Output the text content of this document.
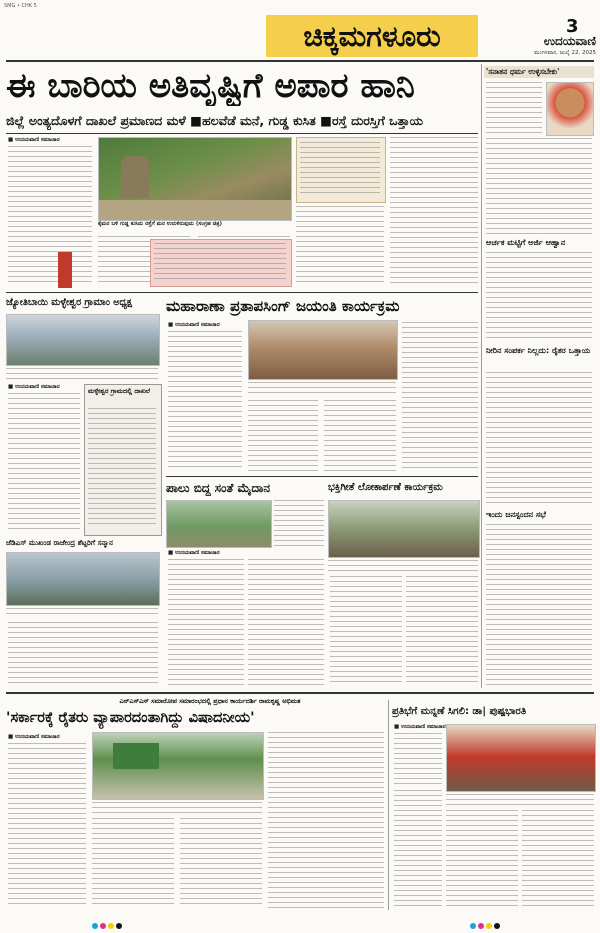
SMG • CHK 5
ಚಿಕ್ಕಮಗಳೂರು	3
ಉದಯವಾಣಿ
ಮಂಗಳವಾರ, ಜುಲೈ 22, 2025
ಈ ಬಾರಿಯ ಅತಿವೃಷ್ಟಿಗೆ ಅಪಾರ ಹಾನಿ
ಜಿಲ್ಲೆ ಅಂತ್ಯದೊಳಗೆ ದಾಖಲೆ ಪ್ರಮಾಣದ ಮಳೆ ■ಹಲವೆಡೆ ಮನೆ, ಗುಡ್ಡ ಕುಸಿತ ■ರಸ್ತೆ ದುರಸ್ತಿಗೆ ಒತ್ತಾಯ
■ ಉದಯವಾಣಿ ಸಮಾಚಾರ
ಕೈಮರ ಬಳಿ ಗುಡ್ಡ ಕುಸಿದು ರಸ್ತೆಗೆ ಮರ ಉರುಳಿರುವುದು (ಸಂಗ್ರಹ ಚಿತ್ರ)
'ಸನಾತನ ಧರ್ಮ ಉಳ್ಳಿಸಬೇಕು'
ಅರ್ಚಕ ಮಟ್ಟಿಗೆ ಅರ್ಜಿ ಆಹ್ವಾನ
ನೀರಿನ ಸಂಪರ್ಕ ನಿಲ್ಲದು: ರೈತರ ಒತ್ತಾಯ
ಇಂದು ಜನಸ್ಪಂದನ ಸಭೆ
ಜ್ಯೋತಿಬಾಯಿ ಮಳ್ಳೇಶ್ವರ ಗ್ರಾಮಾಂ ಅಧ್ಯಕ್ಷ
■ ಉದಯವಾಣಿ ಸಮಾಚಾರ	ಮಳ್ಳೇಶ್ವರ ಗ್ರಾಮದಲ್ಲಿ ದಾಖಲೆ
ಜೆಡಿಎಸ್ ಮುಖಂಡ ರಾಜೇಂದ್ರ ಶೆಟ್ಟರಿಗೆ ಸನ್ಮಾನ
ಮಹಾರಾಣಾ ಪ್ರತಾಪಸಿಂಗ್ ಜಯಂತಿ ಕಾರ್ಯಕ್ರಮ
■ ಉದಯವಾಣಿ ಸಮಾಚಾರ
ಪಾಲು ಬಿದ್ದ ಸಂತೆ ಮೈದಾನ
■ ಉದಯವಾಣಿ ಸಮಾಚಾರ
ಭಕ್ತಿಗೀತೆ ಲೋಕಾರ್ಪಣೆ ಕಾರ್ಯಕ್ರಮ
ಎನ್‌ಎಸ್‌ಎಸ್ ಸಮಾರೋಪ ಸಮಾರಂಭದಲ್ಲಿ ಪ್ರಧಾನ ಕಾರ್ಯದರ್ಶಿ ರಾಮಕೃಷ್ಣ ಅಭಿಮತ
'ಸರ್ಕಾರಕ್ಕೆ ರೈತರು ವ್ಯಾಪಾರದಂತಾಗಿದ್ದು ವಿಷಾದನೀಯ'	ಪ್ರತಿಭೆಗೆ ಮನ್ನಣೆ ಸಿಗಲಿ: ಡಾ| ಪುಷ್ಪಭಾರತಿ
■ ಉದಯವಾಣಿ ಸಮಾಚಾರ
■ ಉದಯವಾಣಿ ಸಮಾಚಾರ
